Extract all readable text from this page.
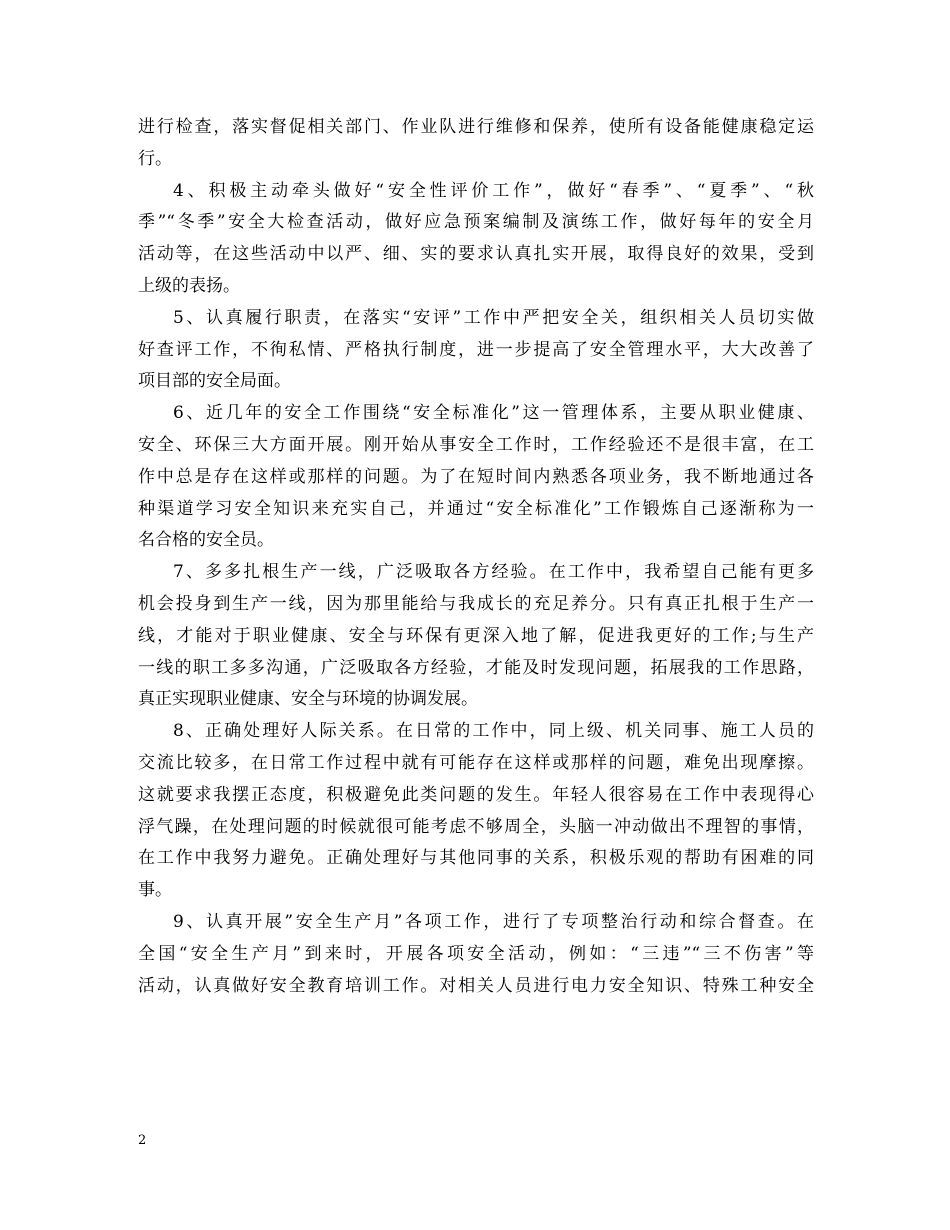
进行检查，落实督促相关部门、作业队进行维修和保养，使所有设备能健康稳定运
行。
4、积极主动牵头做好“安全性评价工作”，做好“春季”、“夏季”、“秋
季”“冬季”安全大检查活动，做好应急预案编制及演练工作，做好每年的安全月
活动等，在这些活动中以严、细、实的要求认真扎实开展，取得良好的效果，受到
上级的表扬。
5、认真履行职责，在落实“安评”工作中严把安全关，组织相关人员切实做
好查评工作，不徇私情、严格执行制度，进一步提高了安全管理水平，大大改善了
项目部的安全局面。
6、近几年的安全工作围绕“安全标准化”这一管理体系，主要从职业健康、
安全、环保三大方面开展。刚开始从事安全工作时，工作经验还不是很丰富，在工
作中总是存在这样或那样的问题。为了在短时间内熟悉各项业务，我不断地通过各
种渠道学习安全知识来充实自己，并通过“安全标准化”工作锻炼自己逐渐称为一
名合格的安全员。
7、多多扎根生产一线，广泛吸取各方经验。在工作中，我希望自己能有更多
机会投身到生产一线，因为那里能给与我成长的充足养分。只有真正扎根于生产一
线，才能对于职业健康、安全与环保有更深入地了解，促进我更好的工作;与生产
一线的职工多多沟通，广泛吸取各方经验，才能及时发现问题，拓展我的工作思路，
真正实现职业健康、安全与环境的协调发展。
8、正确处理好人际关系。在日常的工作中，同上级、机关同事、施工人员的
交流比较多，在日常工作过程中就有可能存在这样或那样的问题，难免出现摩擦。
这就要求我摆正态度，积极避免此类问题的发生。年轻人很容易在工作中表现得心
浮气躁，在处理问题的时候就很可能考虑不够周全，头脑一冲动做出不理智的事情，
在工作中我努力避免。正确处理好与其他同事的关系，积极乐观的帮助有困难的同
事。
9、认真开展”安全生产月”各项工作，进行了专项整治行动和综合督查。在
全国“安全生产月”到来时，开展各项安全活动，例如：“三违”“三不伤害”等
活动，认真做好安全教育培训工作。对相关人员进行电力安全知识、特殊工种安全
2
